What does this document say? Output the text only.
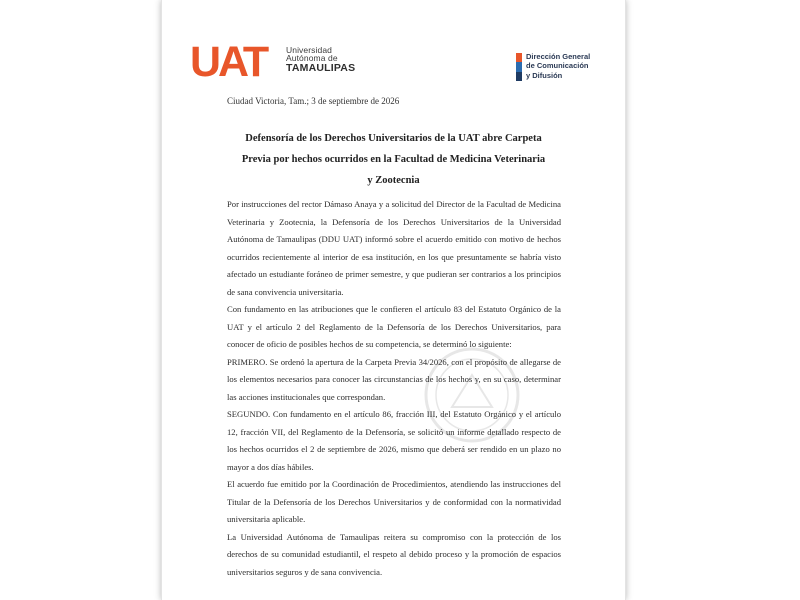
UAT	Universidad
Autónoma de
TAMAULIPAS
Dirección General
de Comunicación
y Difusión
Ciudad Victoria, Tam.; 3 de septiembre de 2026
Defensoría de los Derechos Universitarios de la UAT abre Carpeta
Previa por hechos ocurridos en la Facultad de Medicina Veterinaria
y Zootecnia

Por instrucciones del rector Dámaso Anaya y a solicitud del Director de la Facultad de Medicina Veterinaria y Zootecnia, la Defensoría de los Derechos Universitarios de la Universidad Autónoma de Tamaulipas (DDU UAT) informó sobre el acuerdo emitido con motivo de hechos ocurridos recientemente al interior de esa institución, en los que presuntamente se habría visto afectado un estudiante foráneo de primer semestre, y que pudieran ser contrarios a los principios de sana convivencia universitaria.

Con fundamento en las atribuciones que le confieren el artículo 83 del Estatuto Orgánico de la UAT y el artículo 2 del Reglamento de la Defensoría de los Derechos Universitarios, para conocer de oficio de posibles hechos de su competencia, se determinó lo siguiente:

PRIMERO. Se ordenó la apertura de la Carpeta Previa 34/2026, con el propósito de allegarse de los elementos necesarios para conocer las circunstancias de los hechos y, en su caso, determinar las acciones institucionales que correspondan.

SEGUNDO. Con fundamento en el artículo 86, fracción III, del Estatuto Orgánico y el artículo 12, fracción VII, del Reglamento de la Defensoría, se solicitó un informe detallado respecto de los hechos ocurridos el 2 de septiembre de 2026, mismo que deberá ser rendido en un plazo no mayor a dos días hábiles.

El acuerdo fue emitido por la Coordinación de Procedimientos, atendiendo las instrucciones del Titular de la Defensoría de los Derechos Universitarios y de conformidad con la normatividad universitaria aplicable.

La Universidad Autónoma de Tamaulipas reitera su compromiso con la protección de los derechos de su comunidad estudiantil, el respeto al debido proceso y la promoción de espacios universitarios seguros y de sana convivencia.
